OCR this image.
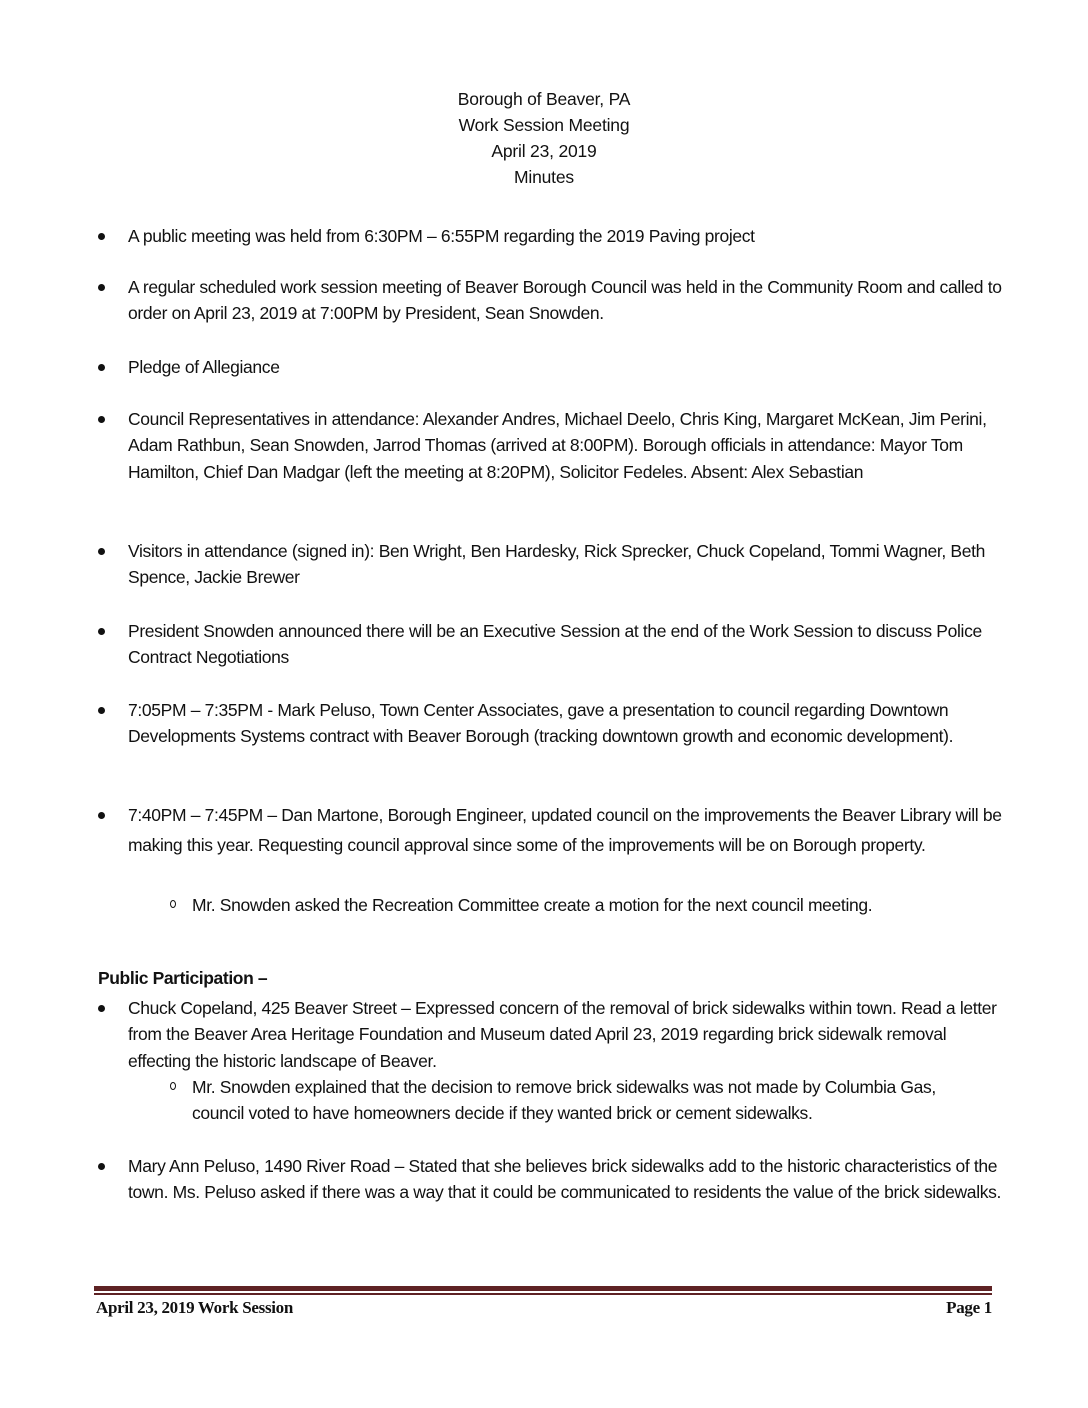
Borough of Beaver, PA
Work Session Meeting
April 23, 2019
Minutes
A public meeting was held from 6:30PM – 6:55PM regarding the 2019 Paving project
A regular scheduled work session meeting of Beaver Borough Council was held in the Community Room and called to order on April 23, 2019 at 7:00PM by President, Sean Snowden.
Pledge of Allegiance
Council Representatives in attendance: Alexander Andres, Michael Deelo, Chris King, Margaret McKean, Jim Perini, Adam Rathbun, Sean Snowden, Jarrod Thomas (arrived at 8:00PM). Borough officials in attendance: Mayor Tom Hamilton, Chief Dan Madgar (left the meeting at 8:20PM), Solicitor Fedeles. Absent: Alex Sebastian
Visitors in attendance (signed in): Ben Wright, Ben Hardesky, Rick Sprecker, Chuck Copeland, Tommi Wagner, Beth Spence, Jackie Brewer
President Snowden announced there will be an Executive Session at the end of the Work Session to discuss Police Contract Negotiations
7:05PM – 7:35PM - Mark Peluso, Town Center Associates, gave a presentation to council regarding Downtown Developments Systems contract with Beaver Borough (tracking downtown growth and economic development).
7:40PM – 7:45PM – Dan Martone, Borough Engineer, updated council on the improvements the Beaver Library will be making this year. Requesting council approval since some of the improvements will be on Borough property.
Mr. Snowden asked the Recreation Committee create a motion for the next council meeting.
Public Participation –
Chuck Copeland, 425 Beaver Street – Expressed concern of the removal of brick sidewalks within town. Read a letter from the Beaver Area Heritage Foundation and Museum dated April 23, 2019 regarding brick sidewalk removal effecting the historic landscape of Beaver.
Mr. Snowden explained that the decision to remove brick sidewalks was not made by Columbia Gas, council voted to have homeowners decide if they wanted brick or cement sidewalks.
Mary Ann Peluso, 1490 River Road – Stated that she believes brick sidewalks add to the historic characteristics of the town. Ms. Peluso asked if there was a way that it could be communicated to residents the value of the brick sidewalks.
April 23, 2019 Work Session	Page 1
